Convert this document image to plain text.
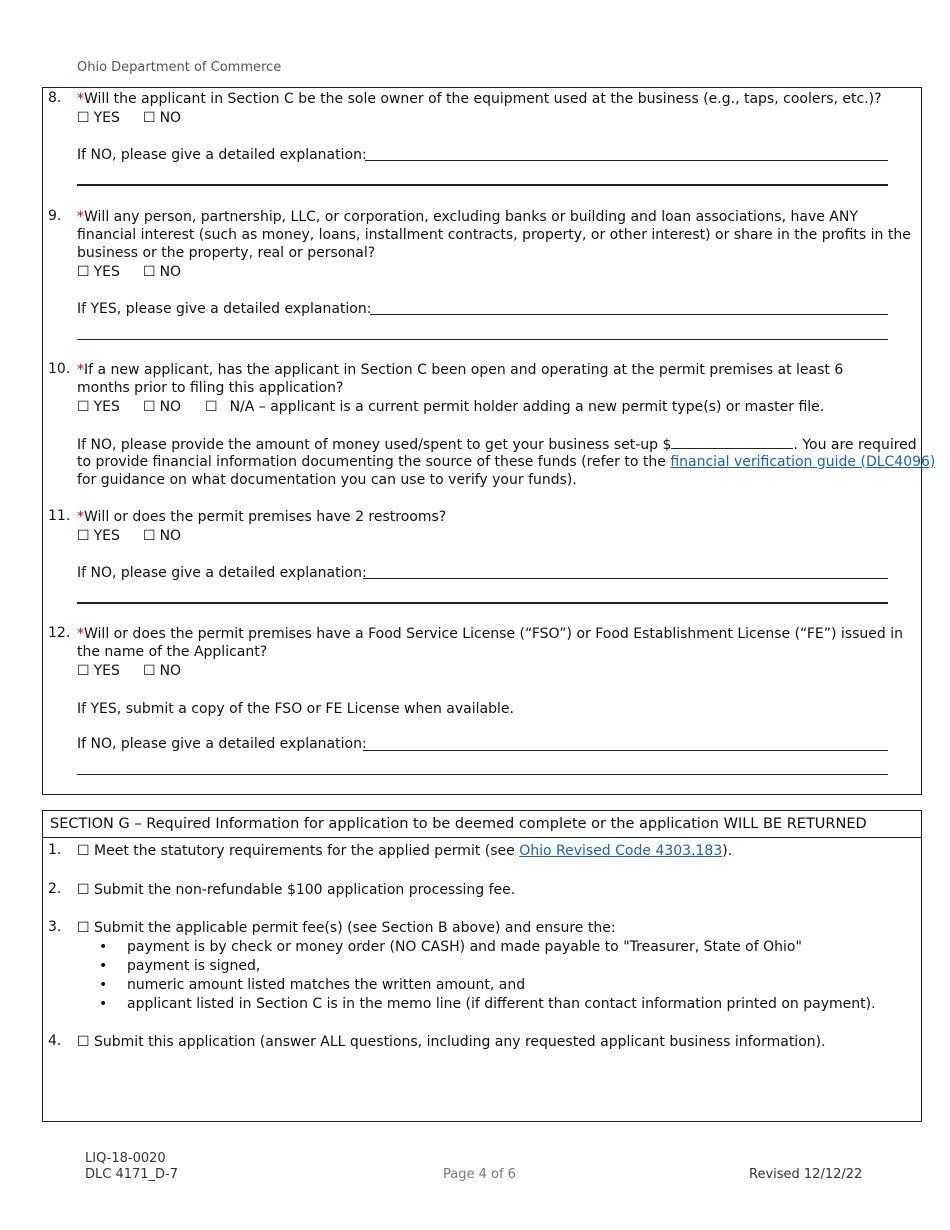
Ohio Department of Commerce
8. *Will the applicant in Section C be the sole owner of the equipment used at the business (e.g., taps, coolers, etc.)?
☐ YES ☐ NO
If NO, please give a detailed explanation:
9. *Will any person, partnership, LLC, or corporation, excluding banks or building and loan associations, have ANY financial interest (such as money, loans, installment contracts, property, or other interest) or share in the profits in the business or the property, real or personal?
☐ YES ☐ NO
If YES, please give a detailed explanation:
10. *If a new applicant, has the applicant in Section C been open and operating at the permit premises at least 6 months prior to filing this application?
☐ YES ☐ NO ☐ N/A – applicant is a current permit holder adding a new permit type(s) or master file.
If NO, please provide the amount of money used/spent to get your business set-up $	. You are required
to provide financial information documenting the source of these funds (refer to the financial verification guide (DLC4096)
for guidance on what documentation you can use to verify your funds).
11. *Will or does the permit premises have 2 restrooms?
☐ YES ☐ NO
If NO, please give a detailed explanation:
12. *Will or does the permit premises have a Food Service License (“FSO”) or Food Establishment License (“FE”) issued in the name of the Applicant?
☐ YES ☐ NO
If YES, submit a copy of the FSO or FE License when available.
If NO, please give a detailed explanation:
SECTION G – Required Information for application to be deemed complete or the application WILL BE RETURNED
1. ☐ Meet the statutory requirements for the applied permit (see Ohio Revised Code 4303.183).
2. ☐ Submit the non-refundable $100 application processing fee.
3. ☐ Submit the applicable permit fee(s) (see Section B above) and ensure the:
• payment is by check or money order (NO CASH) and made payable to "Treasurer, State of Ohio"
• payment is signed,
• numeric amount listed matches the written amount, and
• applicant listed in Section C is in the memo line (if different than contact information printed on payment).
4. ☐ Submit this application (answer ALL questions, including any requested applicant business information).
LIQ-18-0020
DLC 4171_D-7	Page 4 of 6	Revised 12/12/22
